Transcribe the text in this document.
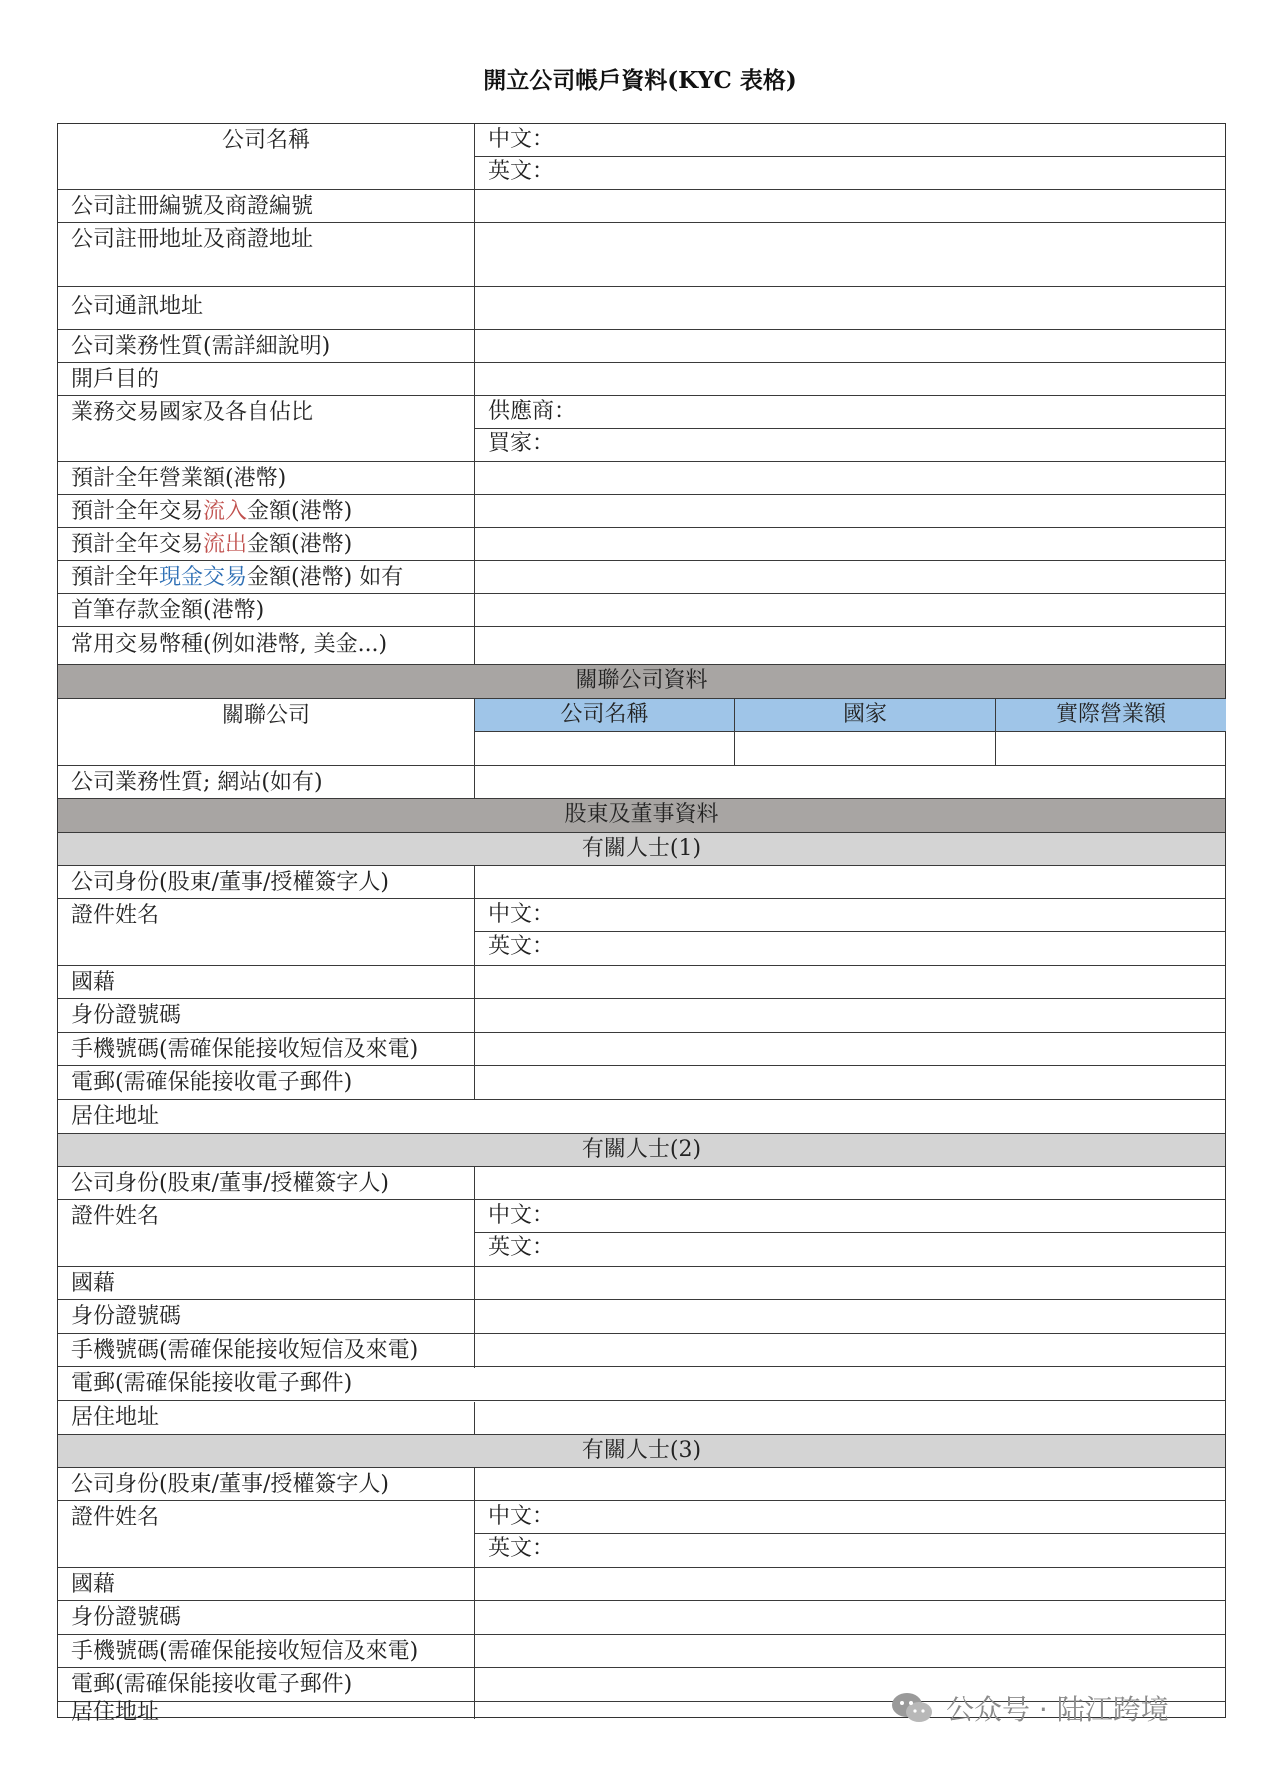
開立公司帳戶資料(KYC 表格)
公司名稱	中文：
英文：
公司註冊編號及商證編號
公司註冊地址及商證地址
公司通訊地址
公司業務性質(需詳細說明)
開戶目的
業務交易國家及各自佔比	供應商：
買家：
預計全年營業額(港幣)
預計全年交易流入金額(港幣)
預計全年交易流出金額(港幣)
預計全年現金交易金額(港幣) 如有
首筆存款金額(港幣)
常用交易幣種(例如港幣, 美金...)
關聯公司資料
關聯公司	公司名稱	國家	實際營業額
公司業務性質; 網站(如有)
股東及董事資料
有關人士(1)
公司身份(股東/董事/授權簽字人)
證件姓名	中文：
英文：
國藉
身份證號碼
手機號碼(需確保能接收短信及來電)
電郵(需確保能接收電子郵件)
居住地址
有關人士(2)
公司身份(股東/董事/授權簽字人)
證件姓名	中文：
英文：
國藉
身份證號碼
手機號碼(需確保能接收短信及來電)
電郵(需確保能接收電子郵件)
居住地址
有關人士(3)
公司身份(股東/董事/授權簽字人)
證件姓名	中文：
英文：
國藉
身份證號碼
手機號碼(需確保能接收短信及來電)
電郵(需確保能接收電子郵件)
居住地址	公众号 · 陆江跨境
